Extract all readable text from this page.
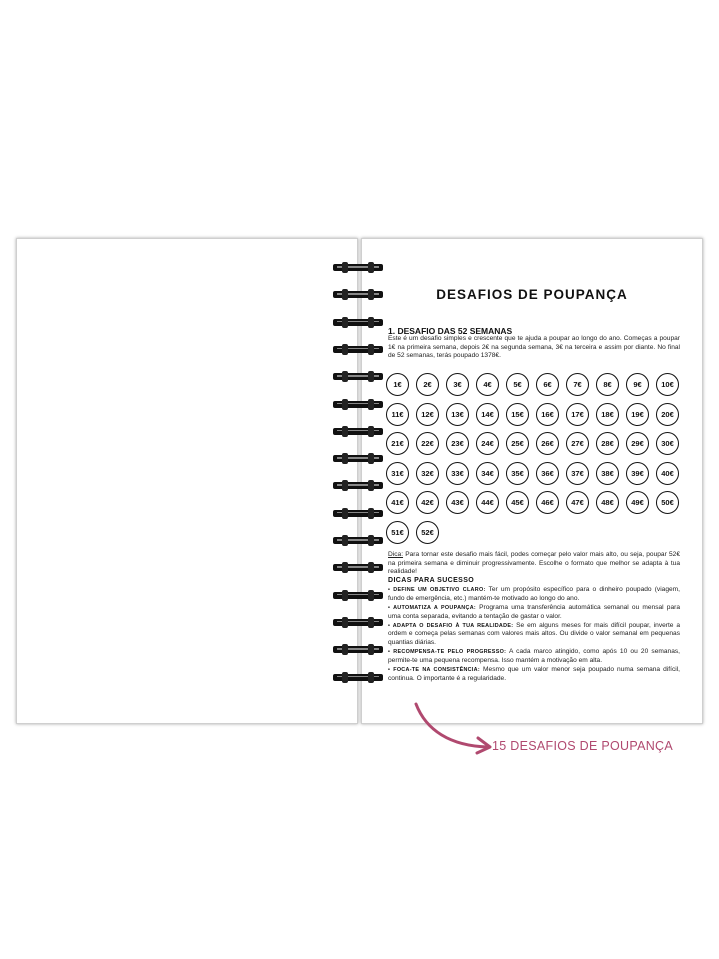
DESAFIOS DE POUPANÇA
1. DESAFIO DAS 52 SEMANAS
Este é um desafio simples e crescente que te ajuda a poupar ao longo do ano. Começas a poupar 1€ na primeira semana, depois 2€ na segunda semana, 3€ na terceira e assim por diante. No final de 52 semanas, terás poupado 1378€.
1€	2€	3€	4€	5€	6€	7€	8€	9€	10€
11€	12€	13€	14€	15€	16€	17€	18€	19€	20€
21€	22€	23€	24€	25€	26€	27€	28€	29€	30€
31€	32€	33€	34€	35€	36€	37€	38€	39€	40€
41€	42€	43€	44€	45€	46€	47€	48€	49€	50€
51€	52€
Dica: Para tornar este desafio mais fácil, podes começar pelo valor mais alto, ou seja, poupar 52€ na primeira semana e diminuir progressivamente. Escolhe o formato que melhor se adapta à tua realidade!
DICAS PARA SUCESSO
• DEFINE UM OBJETIVO CLARO: Ter um propósito específico para o dinheiro poupado (viagem, fundo de emergência, etc.) mantém-te motivado ao longo do ano.
• AUTOMATIZA A POUPANÇA: Programa uma transferência automática semanal ou mensal para uma conta separada, evitando a tentação de gastar o valor.
• ADAPTA O DESAFIO À TUA REALIDADE: Se em alguns meses for mais difícil poupar, inverte a ordem e começa pelas semanas com valores mais altos. Ou divide o valor semanal em pequenas quantias diárias.
• RECOMPENSA-TE PELO PROGRESSO: A cada marco atingido, como após 10 ou 20 semanas, permite-te uma pequena recompensa. Isso mantém a motivação em alta.
• FOCA-TE NA CONSISTÊNCIA: Mesmo que um valor menor seja poupado numa semana difícil, continua. O importante é a regularidade.
15 DESAFIOS DE POUPANÇA
